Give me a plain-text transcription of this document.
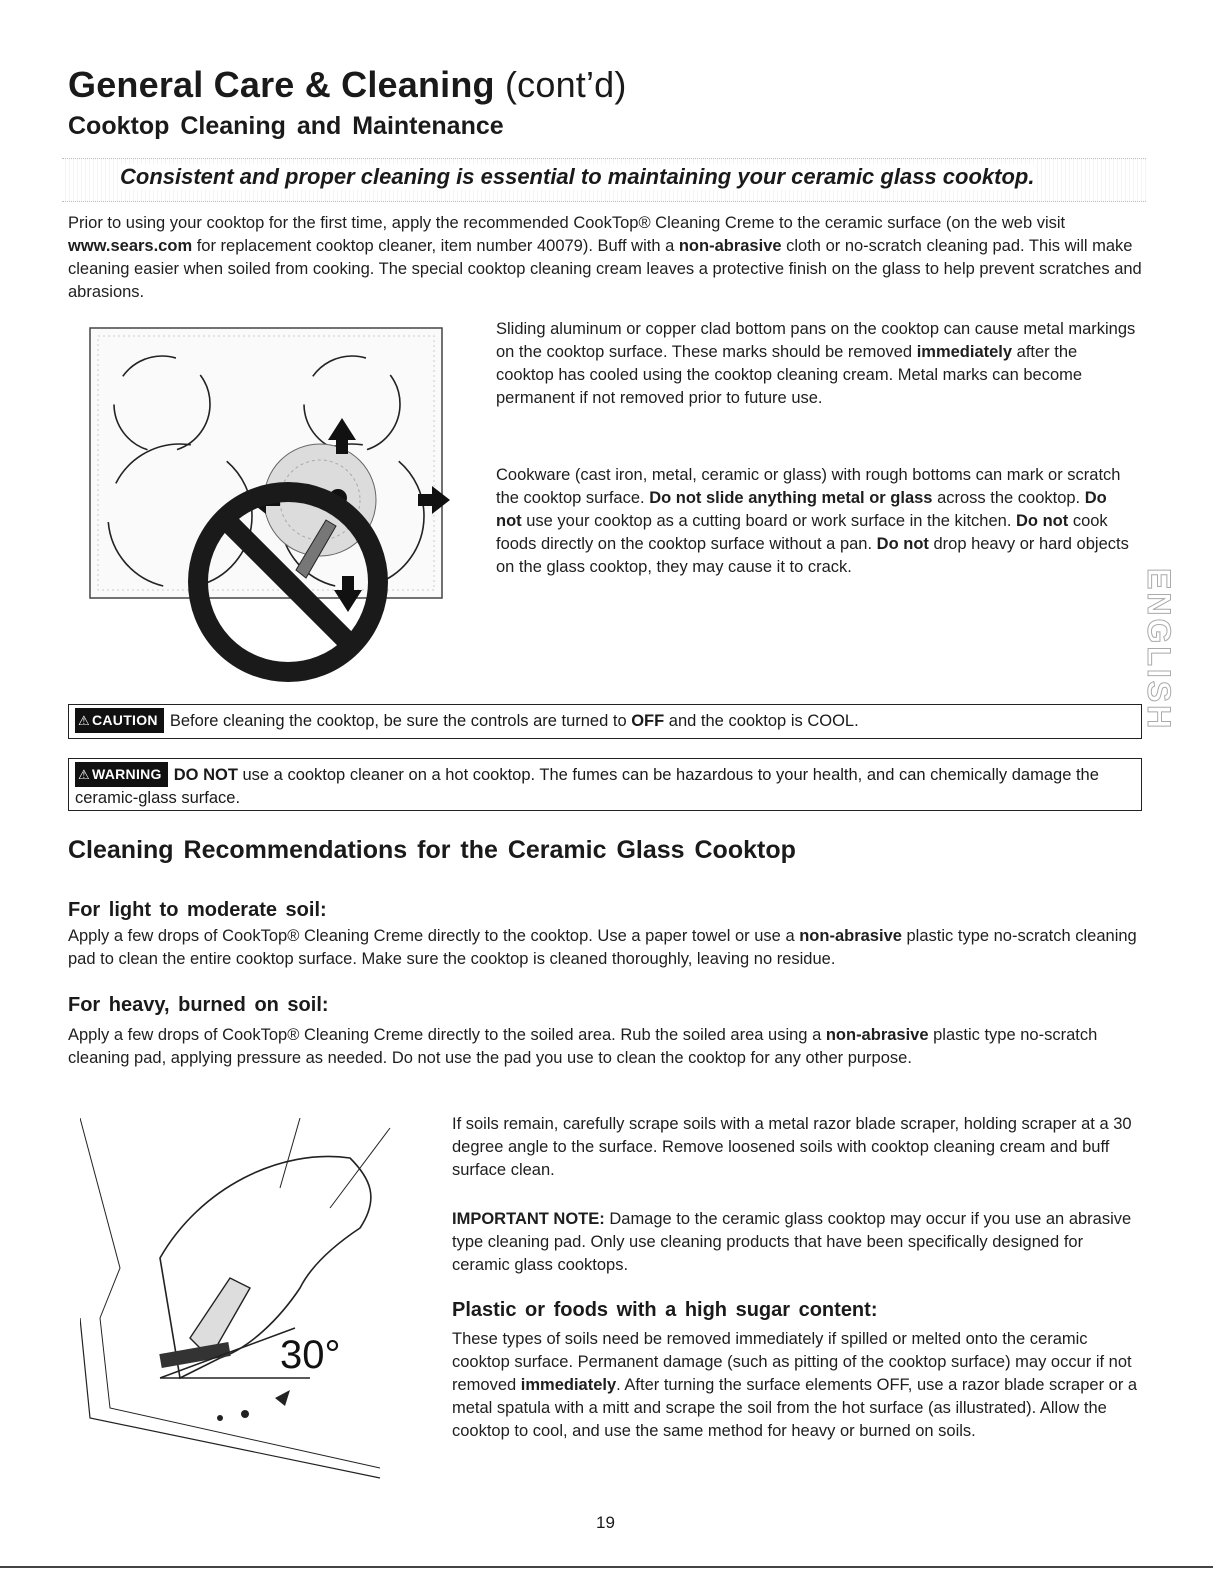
General Care & Cleaning (cont’d)
Cooktop Cleaning and Maintenance
Consistent and proper cleaning is essential to maintaining your ceramic glass cooktop.
Prior to using your cooktop for the first time, apply the recommended CookTop® Cleaning Creme to the ceramic surface (on the web visit www.sears.com for replacement cooktop cleaner, item number 40079). Buff with a non-abrasive cloth or no-scratch cleaning pad. This will make cleaning easier when soiled from cooking. The special cooktop cleaning cream leaves a protective finish on the glass to help prevent scratches and abrasions.
Sliding aluminum or copper clad bottom pans on the cooktop can cause metal markings on the cooktop surface. These marks should be removed immediately after the cooktop has cooled using the cooktop cleaning cream. Metal marks can become permanent if not removed prior to future use.
Cookware (cast iron, metal, ceramic or glass) with rough bottoms can mark or scratch the cooktop surface. Do not slide anything metal or glass across the cooktop. Do not use your cooktop as a cutting board or work surface in the kitchen. Do not cook foods directly on the cooktop surface without a pan. Do not drop heavy or hard objects on the glass cooktop, they may cause it to crack.
⚠ CAUTION Before cleaning the cooktop, be sure the controls are turned to OFF and the cooktop is COOL.
⚠ WARNING DO NOT use a cooktop cleaner on a hot cooktop. The fumes can be hazardous to your health, and can chemically damage the ceramic-glass surface.
Cleaning Recommendations for the Ceramic Glass Cooktop
For light to moderate soil:
Apply a few drops of CookTop® Cleaning Creme directly to the cooktop. Use a paper towel or use a non-abrasive plastic type no-scratch cleaning pad to clean the entire cooktop surface. Make sure the cooktop is cleaned thoroughly, leaving no residue.
For heavy, burned on soil:
Apply a few drops of CookTop® Cleaning Creme directly to the soiled area. Rub the soiled area using a non-abrasive plastic type no-scratch cleaning pad, applying pressure as needed. Do not use the pad you use to clean the cooktop for any other purpose.
30°
If soils remain, carefully scrape soils with a metal razor blade scraper, holding scraper at a 30 degree angle to the surface. Remove loosened soils with cooktop cleaning cream and buff surface clean.
IMPORTANT NOTE: Damage to the ceramic glass cooktop may occur if you use an abrasive type cleaning pad. Only use cleaning products that have been specifically designed for ceramic glass cooktops.
Plastic or foods with a high sugar content:
These types of soils need be removed immediately if spilled or melted onto the ceramic cooktop surface. Permanent damage (such as pitting of the cooktop surface) may occur if not removed immediately. After turning the surface elements OFF, use a razor blade scraper or a metal spatula with a mitt and scrape the soil from the hot surface (as illustrated). Allow the cooktop to cool, and use the same method for heavy or burned on soils.
ENGLISH
19
